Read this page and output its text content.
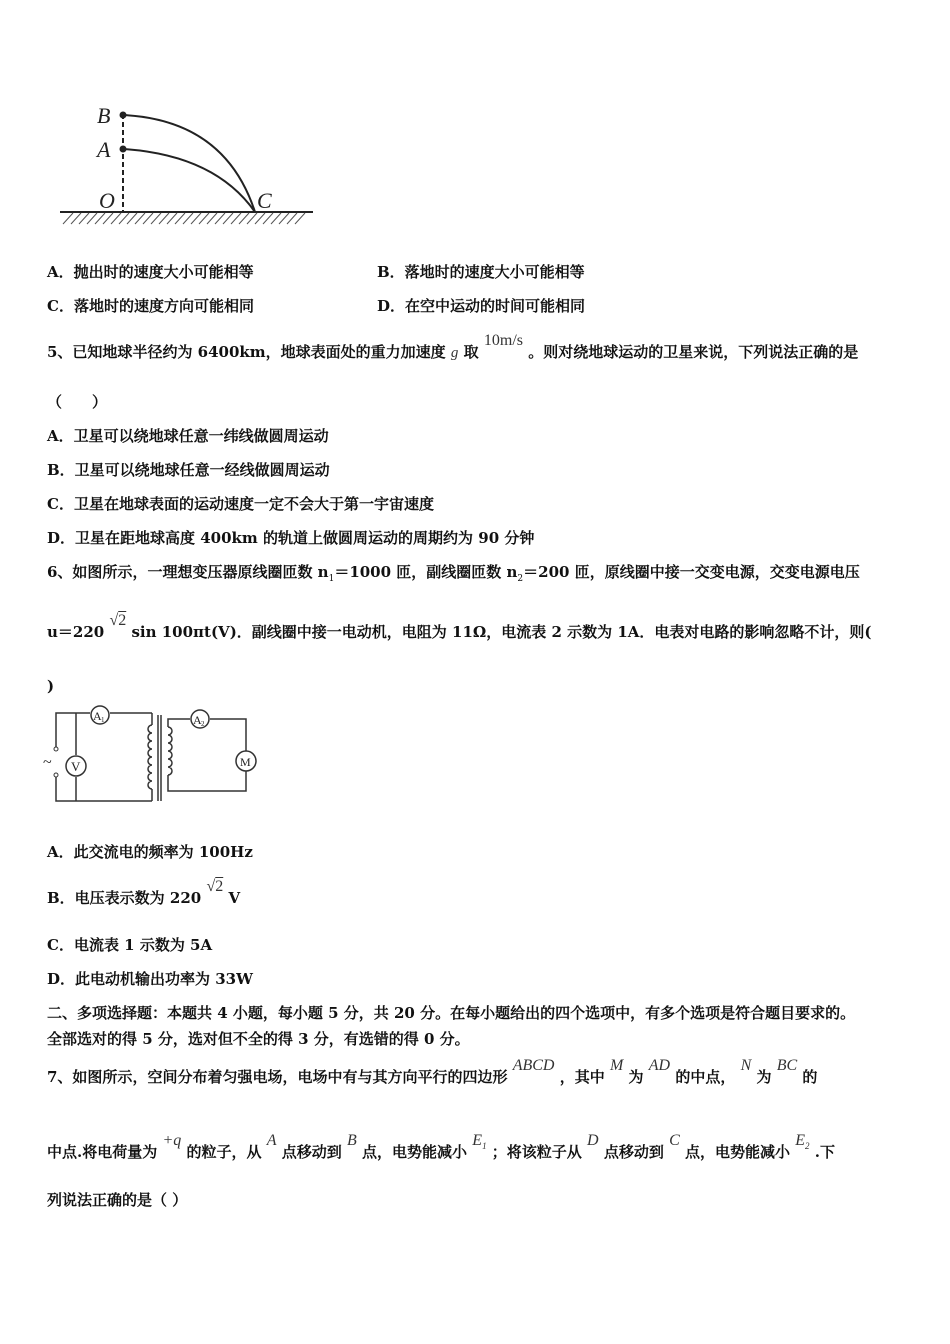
B
A
O	C
A．抛出时的速度大小可能相等	B．落地时的速度大小可能相等
C．落地时的速度方向可能相同	D．在空中运动的时间可能相同
5、已知地球半径约为 6400km，地球表面处的重力加速度 g 取 10m/s 。则对绕地球运动的卫星来说，下列说法正确的是
（　　）
A．卫星可以绕地球任意一纬线做圆周运动
B．卫星可以绕地球任意一经线做圆周运动
C．卫星在地球表面的运动速度一定不会大于第一宇宙速度
D．卫星在距地球高度 400km 的轨道上做圆周运动的周期约为 90 分钟
6、如图所示，一理想变压器原线圈匝数 $n_1=1000$ 匝，副线圈匝数 $n_2=200$ 匝，原线圈中接一交变电源，交变电源电压
u＝220 √2 sin 100πt(V)．副线圈中接一电动机，电阻为 11Ω，电流表 2 示数为 1A．电表对电路的影响忽略不计，则(
)
A 1
V
~
A 2
M
A．此交流电的频率为 100Hz
B．电压表示数为 220 √2 V
C．电流表 1 示数为 5A
D．此电动机输出功率为 33W
二、多项选择题：本题共 4 小题，每小题 5 分，共 20 分。在每小题给出的四个选项中，有多个选项是符合题目要求的。
全部选对的得 5 分，选对但不全的得 3 分，有选错的得 0 分。
7、如图所示，空间分布着匀强电场，电场中有与其方向平行的四边形 ABCD ，其中 M 为 AD 的中点， N 为 BC 的
中点.将电荷量为 +q 的粒子，从 A 点移动到 B 点，电势能减小 $E_1$ ；将该粒子从 D 点移动到 C 点，电势能减小 $E_2$ .下
列说法正确的是（ ）
